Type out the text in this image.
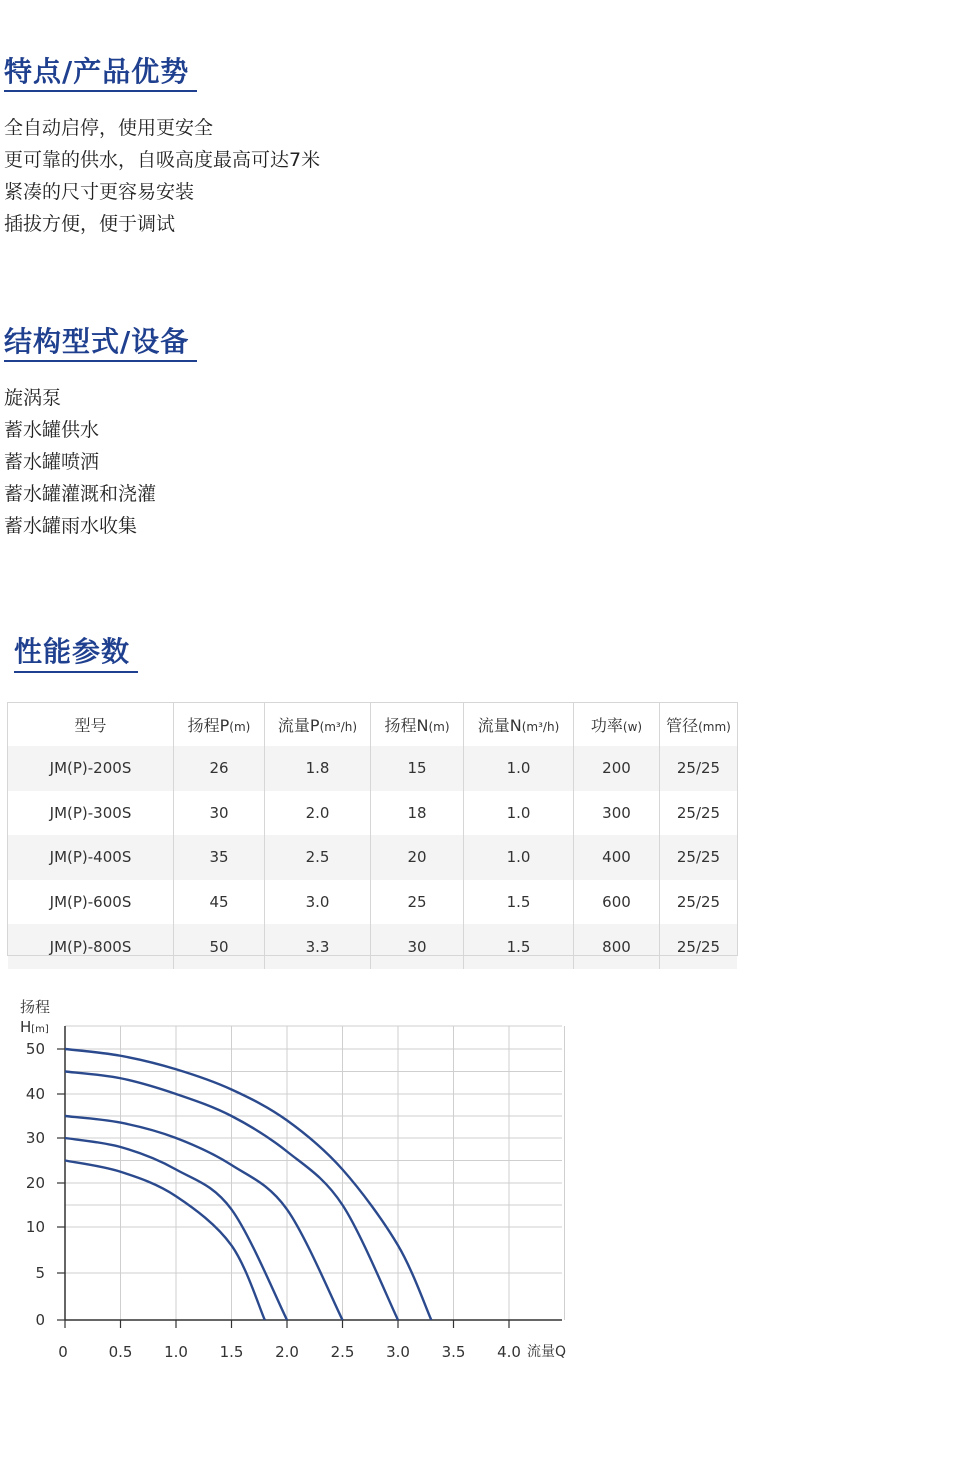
特点/产品优势
全自动启停，使用更安全
更可靠的供水，自吸高度最高可达7米
紧凑的尺寸更容易安装
插拔方便，便于调试
结构型式/设备
旋涡泵
蓄水罐供水
蓄水罐喷洒
蓄水罐灌溉和浇灌
蓄水罐雨水收集
性能参数
型号	扬程P(m)	流量P(m³/h)	扬程N(m)	流量N(m³/h)	功率(w)	管径(mm)
JM(P)-200S	26	1.8	15	1.0	200	25/25
JM(P)-300S	30	2.0	18	1.0	300	25/25
JM(P)-400S	35	2.5	20	1.0	400	25/25
JM(P)-600S	45	3.0	25	1.5	600	25/25
JM(P)-800S	50	3.3	30	1.5	800	25/25
0	0.5 1.0 1.5 2.0 2.5 3.0 3.5 4.0
0
5
10
20
30
40
50
扬程
H[m]
流量Q
